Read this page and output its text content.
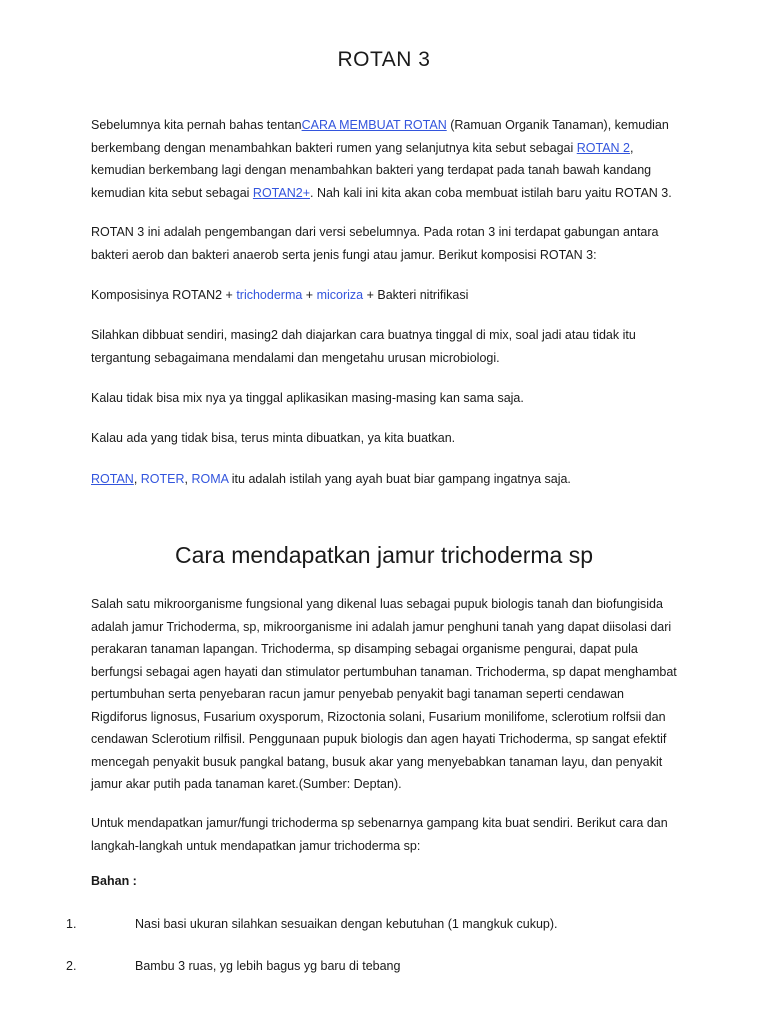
ROTAN 3

Sebelumnya kita pernah bahas tentanCARA MEMBUAT ROTAN (Ramuan Organik Tanaman), kemudian berkembang dengan menambahkan bakteri rumen yang selanjutnya kita sebut sebagai ROTAN 2, kemudian berkembang lagi dengan menambahkan bakteri yang terdapat pada tanah bawah kandang kemudian kita sebut sebagai ROTAN2+. Nah kali ini kita akan coba membuat istilah baru yaitu ROTAN 3.

ROTAN 3 ini adalah pengembangan dari versi sebelumnya. Pada rotan 3 ini terdapat gabungan antara bakteri aerob dan bakteri anaerob serta jenis fungi atau jamur. Berikut komposisi ROTAN 3:

Komposisinya ROTAN2 + trichoderma + micoriza + Bakteri nitrifikasi

Silahkan dibbuat sendiri, masing2 dah diajarkan cara buatnya tinggal di mix, soal jadi atau tidak itu tergantung sebagaimana mendalami dan mengetahu urusan microbiologi.

Kalau tidak bisa mix nya ya tinggal aplikasikan masing-masing kan sama saja.

Kalau ada yang tidak bisa, terus minta dibuatkan, ya kita buatkan.

ROTAN, ROTER, ROMA itu adalah istilah yang ayah buat biar gampang ingatnya saja.

Cara mendapatkan jamur trichoderma sp

Salah satu mikroorganisme fungsional yang dikenal luas sebagai pupuk biologis tanah dan biofungisida adalah jamur Trichoderma, sp, mikroorganisme ini adalah jamur penghuni tanah yang dapat diisolasi dari perakaran tanaman lapangan. Trichoderma, sp disamping sebagai organisme pengurai, dapat pula berfungsi sebagai agen hayati dan stimulator pertumbuhan tanaman. Trichoderma, sp dapat menghambat pertumbuhan serta penyebaran racun jamur penyebab penyakit bagi tanaman seperti cendawan Rigdiforus lignosus, Fusarium oxysporum, Rizoctonia solani, Fusarium monilifome, sclerotium rolfsii dan cendawan Sclerotium rilfisil. Penggunaan pupuk biologis dan agen hayati Trichoderma, sp sangat efektif mencegah penyakit busuk pangkal batang, busuk akar yang menyebabkan tanaman layu, dan penyakit jamur akar putih pada tanaman karet.(Sumber: Deptan).

Untuk mendapatkan jamur/fungi trichoderma sp sebenarnya gampang kita buat sendiri. Berikut cara dan langkah-langkah untuk mendapatkan jamur trichoderma sp:

Bahan :

1.	Nasi basi ukuran silahkan sesuaikan dengan kebutuhan (1 mangkuk cukup).
2.	Bambu 3 ruas, yg lebih bagus yg baru di tebang
